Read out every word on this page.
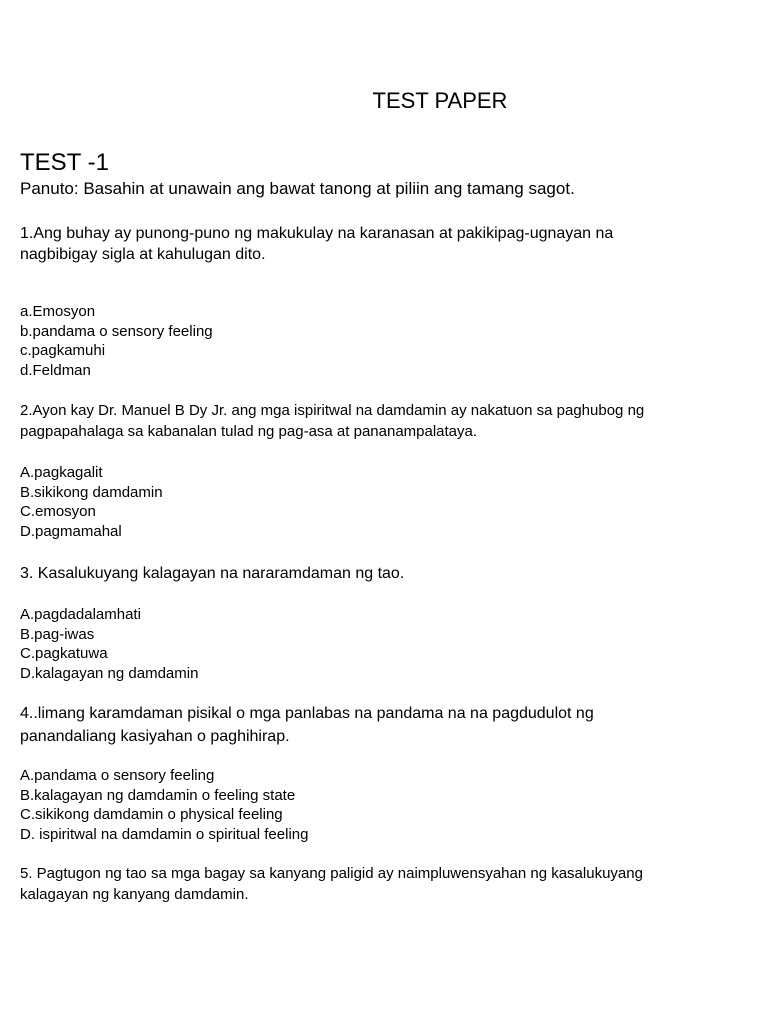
TEST PAPER
TEST -1

Panuto: Basahin at unawain ang bawat tanong at piliin ang tamang sagot.

1.Ang buhay ay punong-puno ng makukulay na karanasan at pakikipag-ugnayan na
nagbibigay sigla at kahulugan dito.
a.Emosyon
b.pandama o sensory feeling
c.pagkamuhi
d.Feldman
2.Ayon kay Dr. Manuel B Dy Jr. ang mga ispiritwal na damdamin ay nakatuon sa paghubog ng
pagpapahalaga sa kabanalan tulad ng pag-asa at pananampalataya.
A.pagkagalit
B.sikikong damdamin
C.emosyon
D.pagmamahal
3. Kasalukuyang kalagayan na nararamdaman ng tao.
A.pagdadalamhati
B.pag-iwas
C.pagkatuwa
D.kalagayan ng damdamin
4..limang karamdaman pisikal o mga panlabas na pandama na na pagdudulot ng
panandaliang kasiyahan o paghihirap.
A.pandama o sensory feeling
B.kalagayan ng damdamin o feeling state
C.sikikong damdamin o physical feeling
D. ispiritwal na damdamin o spiritual feeling
5. Pagtugon ng tao sa mga bagay sa kanyang paligid ay naimpluwensyahan ng kasalukuyang
kalagayan ng kanyang damdamin.
